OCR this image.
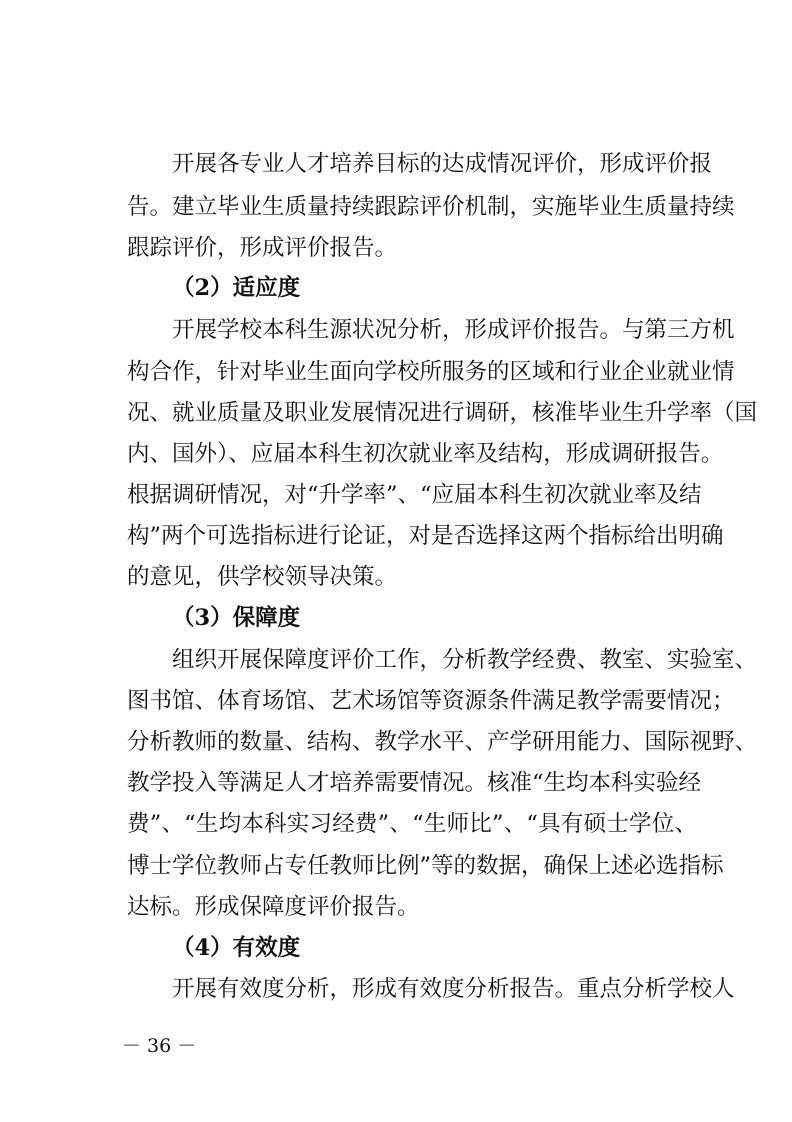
开展各专业人才培养目标的达成情况评价，形成评价报
告。建立毕业生质量持续跟踪评价机制，实施毕业生质量持续
跟踪评价，形成评价报告。
（2）适应度
开展学校本科生源状况分析，形成评价报告。与第三方机
构合作，针对毕业生面向学校所服务的区域和行业企业就业情
况、就业质量及职业发展情况进行调研，核准毕业生升学率（国
内、国外）、应届本科生初次就业率及结构，形成调研报告。
根据调研情况，对“升学率”、“应届本科生初次就业率及结
构”两个可选指标进行论证，对是否选择这两个指标给出明确
的意见，供学校领导决策。
（3）保障度
组织开展保障度评价工作，分析教学经费、教室、实验室、
图书馆、体育场馆、艺术场馆等资源条件满足教学需要情况；
分析教师的数量、结构、教学水平、产学研用能力、国际视野、
教学投入等满足人才培养需要情况。核准“生均本科实验经
费”、“生均本科实习经费”、“生师比”、“具有硕士学位、
博士学位教师占专任教师比例”等的数据，确保上述必选指标
达标。形成保障度评价报告。
（4）有效度
开展有效度分析，形成有效度分析报告。重点分析学校人
－ 36 －
